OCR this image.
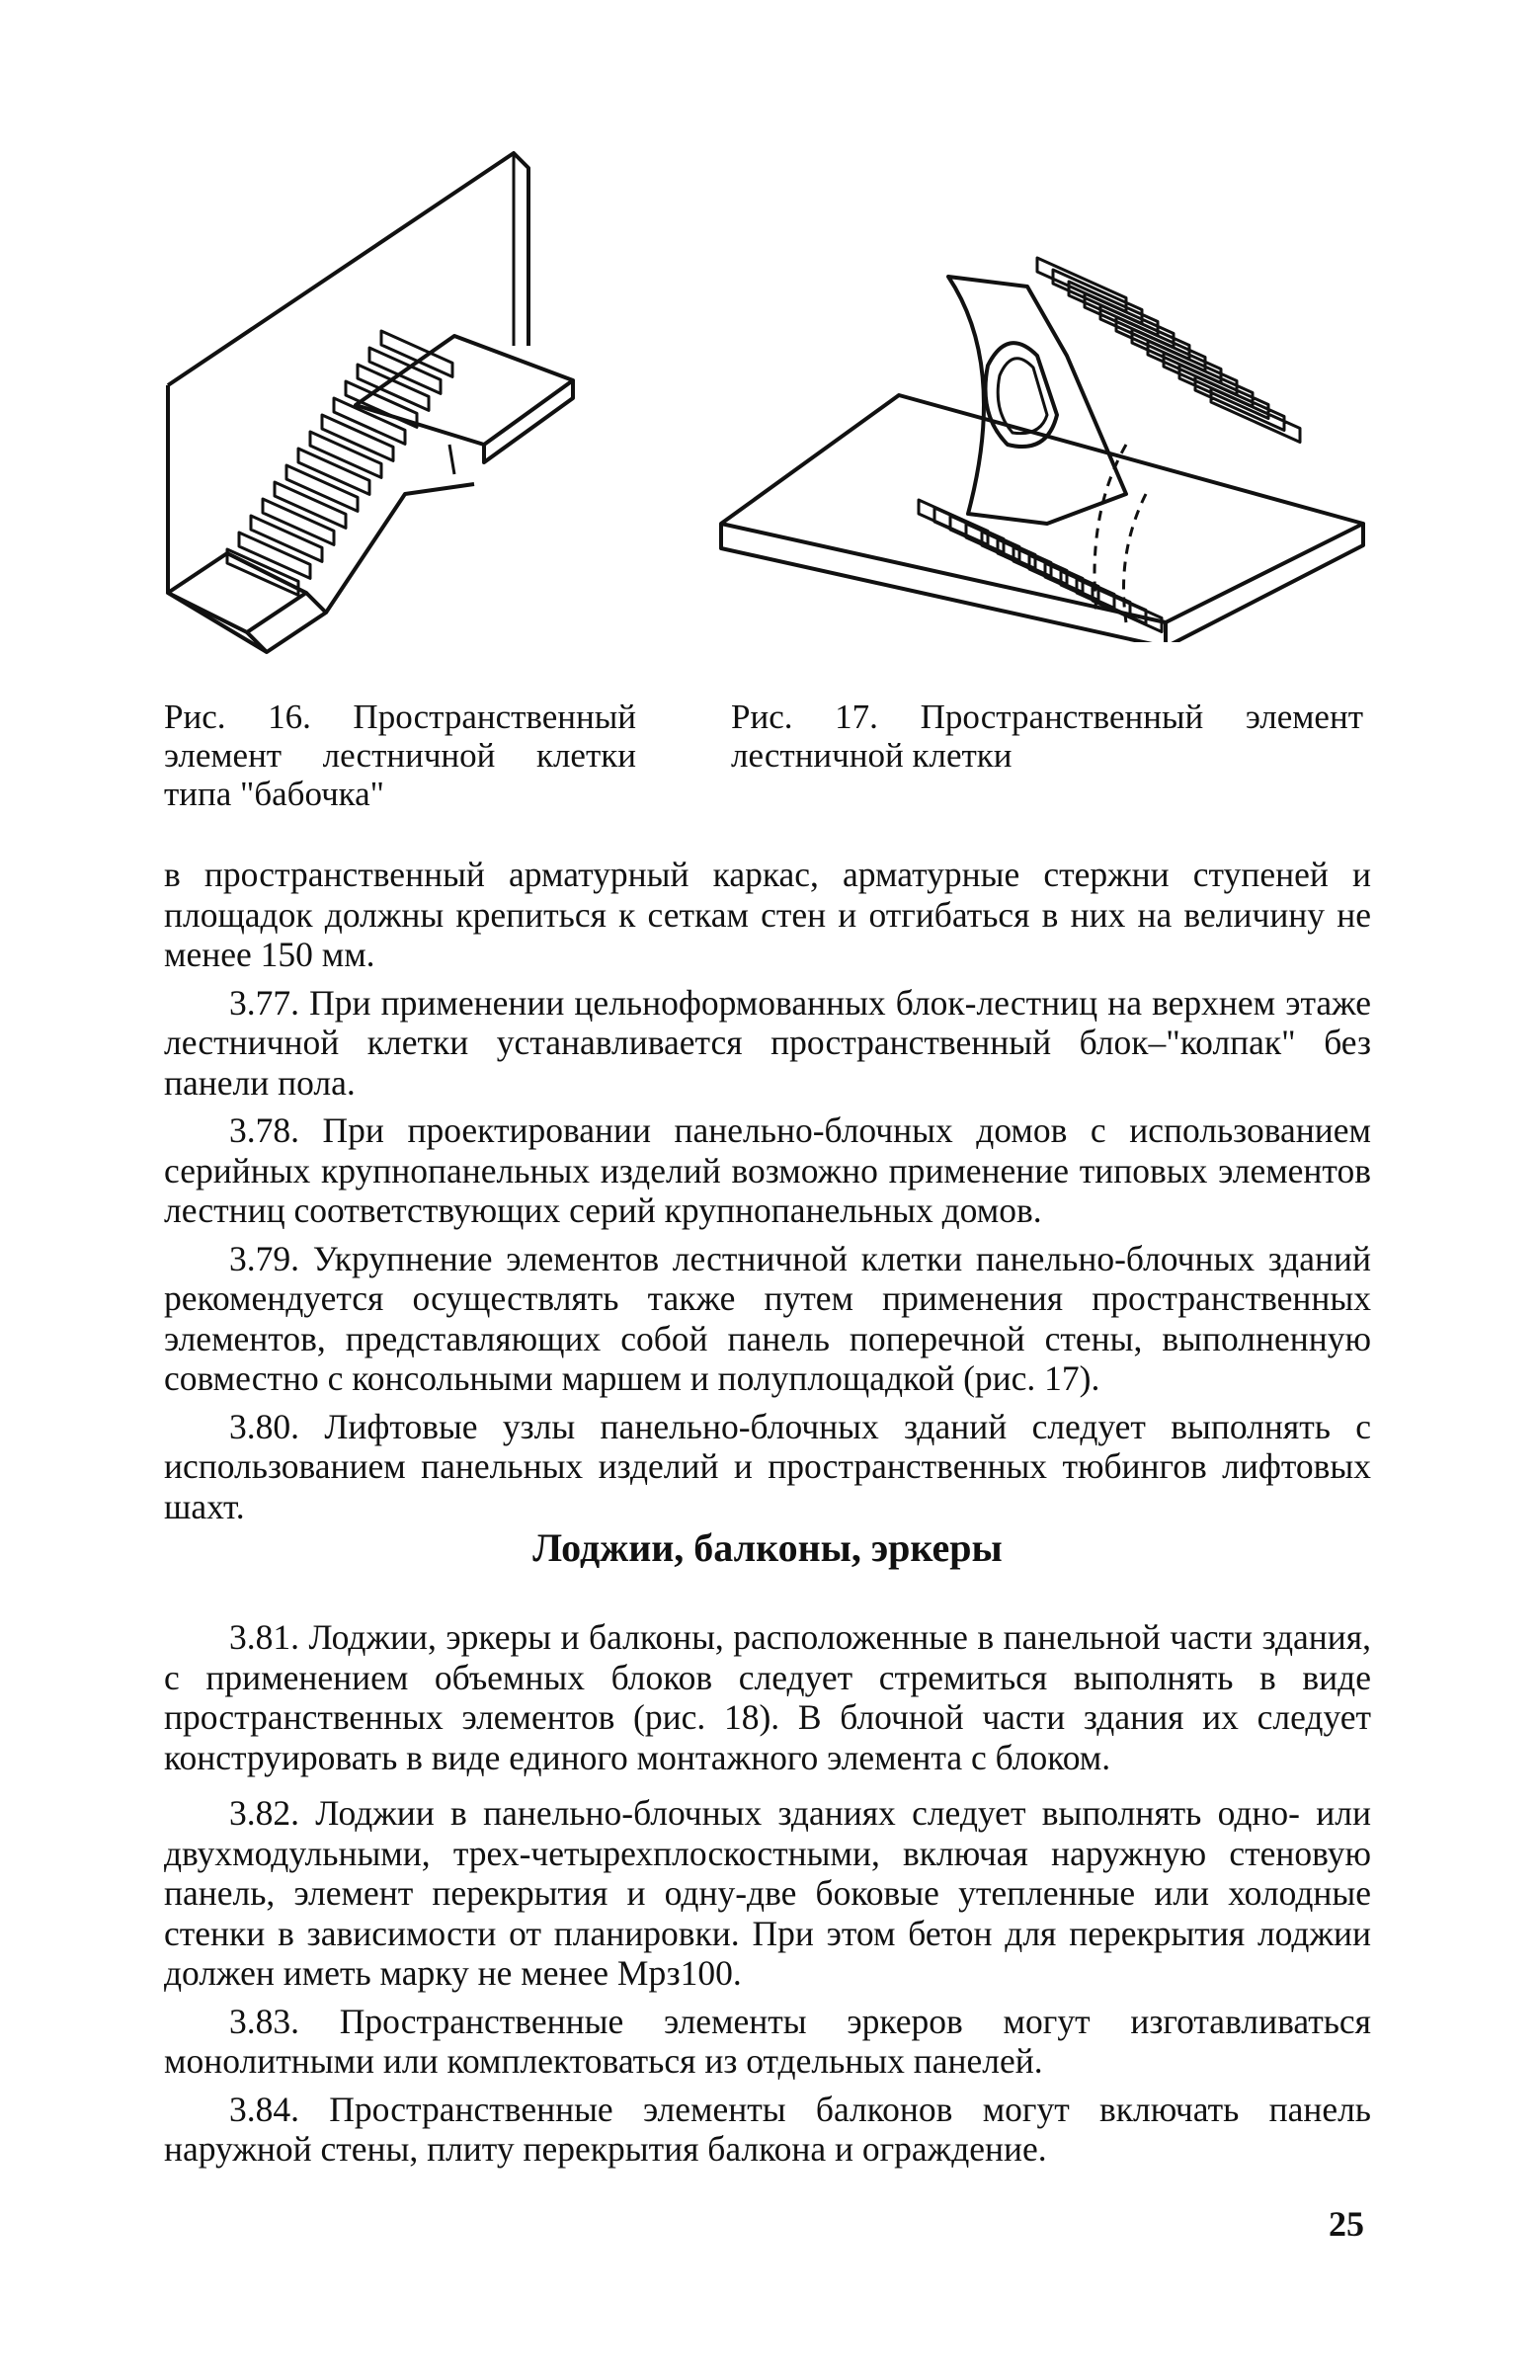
Рис. 16. Пространственный элемент лестничной клетки типа "бабочка"
Рис. 17. Пространственный элемент лестничной клетки

в пространственный арматурный каркас, арматурные стержни ступеней и площадок должны крепиться к сеткам стен и отгибаться в них на величину не менее 150 мм.

3.77. При применении цельноформованных блок-лестниц на верхнем этаже лестничной клетки устанавливается пространственный блок–"колпак" без панели пола.

3.78. При проектировании панельно-блочных домов с использованием серийных крупнопанельных изделий возможно применение типовых элементов лестниц соответствующих серий крупнопанельных домов.

3.79. Укрупнение элементов лестничной клетки панельно-блочных зданий рекомендуется осуществлять также путем применения пространственных элементов, представляющих собой панель поперечной стены, выполненную совместно с консольными маршем и полуплощадкой (рис. 17).

3.80. Лифтовые узлы панельно-блочных зданий следует выполнять с использованием панельных изделий и пространственных тюбингов лифтовых шахт.

Лоджии, балконы, эркеры

3.81. Лоджии, эркеры и балконы, расположенные в панельной части здания, с применением объемных блоков следует стремиться выполнять в виде пространственных элементов (рис. 18). В блочной части здания их следует конструировать в виде единого монтажного элемента с блоком.

3.82. Лоджии в панельно-блочных зданиях следует выполнять одно- или двухмодульными, трех-четырехплоскостными, включая наружную стеновую панель, элемент перекрытия и одну-две боковые утепленные или холодные стенки в зависимости от планировки. При этом бетон для перекрытия лоджии должен иметь марку не менее Мрз100.

3.83. Пространственные элементы эркеров могут изготавливаться монолитными или комплектоваться из отдельных панелей.

3.84. Пространственные элементы балконов могут включать панель наружной стены, плиту перекрытия балкона и ограждение.

25
